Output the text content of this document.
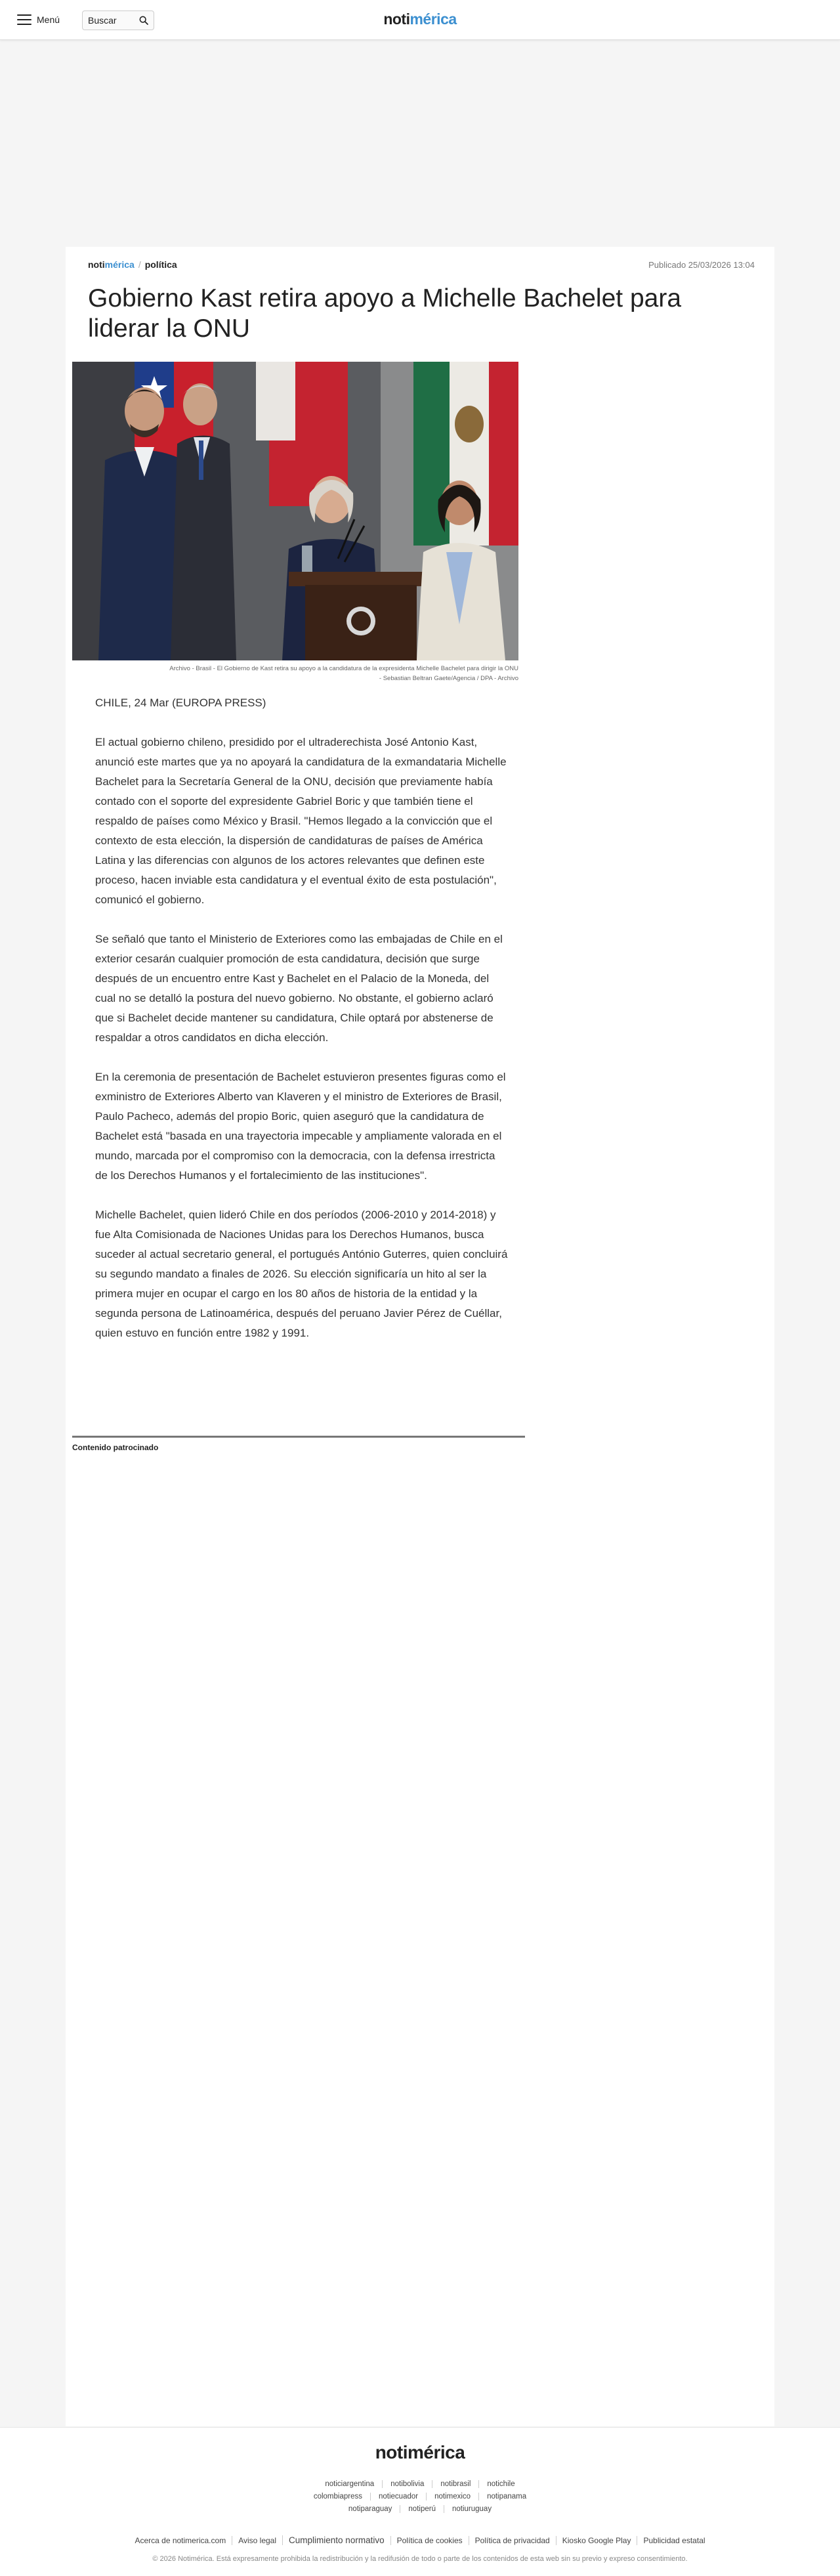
Menú
Buscar	notimérica
notimérica / política	Publicado 25/03/2026 13:04
Gobierno Kast retira apoyo a Michelle Bachelet para liderar la ONU
Archivo - Brasil - El Gobierno de Kast retira su apoyo a la candidatura de la expresidenta Michelle Bachelet para dirigir la ONU
- Sebastian Beltran Gaete/Agencia / DPA - Archivo
CHILE, 24 Mar (EUROPA PRESS)

El actual gobierno chileno, presidido por el ultraderechista José Antonio Kast, anunció este martes que ya no apoyará la candidatura de la exmandataria Michelle Bachelet para la Secretaría General de la ONU, decisión que previamente había contado con el soporte del expresidente Gabriel Boric y que también tiene el respaldo de países como México y Brasil. "Hemos llegado a la convicción que el contexto de esta elección, la dispersión de candidaturas de países de América Latina y las diferencias con algunos de los actores relevantes que definen este proceso, hacen inviable esta candidatura y el eventual éxito de esta postulación", comunicó el gobierno.

Se señaló que tanto el Ministerio de Exteriores como las embajadas de Chile en el exterior cesarán cualquier promoción de esta candidatura, decisión que surge después de un encuentro entre Kast y Bachelet en el Palacio de la Moneda, del cual no se detalló la postura del nuevo gobierno. No obstante, el gobierno aclaró que si Bachelet decide mantener su candidatura, Chile optará por abstenerse de respaldar a otros candidatos en dicha elección.

En la ceremonia de presentación de Bachelet estuvieron presentes figuras como el exministro de Exteriores Alberto van Klaveren y el ministro de Exteriores de Brasil, Paulo Pacheco, además del propio Boric, quien aseguró que la candidatura de Bachelet está "basada en una trayectoria impecable y ampliamente valorada en el mundo, marcada por el compromiso con la democracia, con la defensa irrestricta de los Derechos Humanos y el fortalecimiento de las instituciones".

Michelle Bachelet, quien lideró Chile en dos períodos (2006-2010 y 2014-2018) y fue Alta Comisionada de Naciones Unidas para los Derechos Humanos, busca suceder al actual secretario general, el portugués António Guterres, quien concluirá su segundo mandato a finales de 2026. Su elección significaría un hito al ser la primera mujer en ocupar el cargo en los 80 años de historia de la entidad y la segunda persona de Latinoamérica, después del peruano Javier Pérez de Cuéllar, quien estuvo en función entre 1982 y 1991.

Contenido patrocinado
notimérica
noticiargentina notibolivia notibrasil notichile
colombiapress notiecuador notimexico notipanama
notiparaguay notiperú notiuruguay
Acerca de notimerica.com Aviso legal Cumplimiento normativo Política de cookies Política de privacidad Kiosko Google Play Publicidad estatal
© 2026 Notimérica. Está expresamente prohibida la redistribución y la redifusión de todo o parte de los contenidos de esta web sin su previo y expreso consentimiento.
